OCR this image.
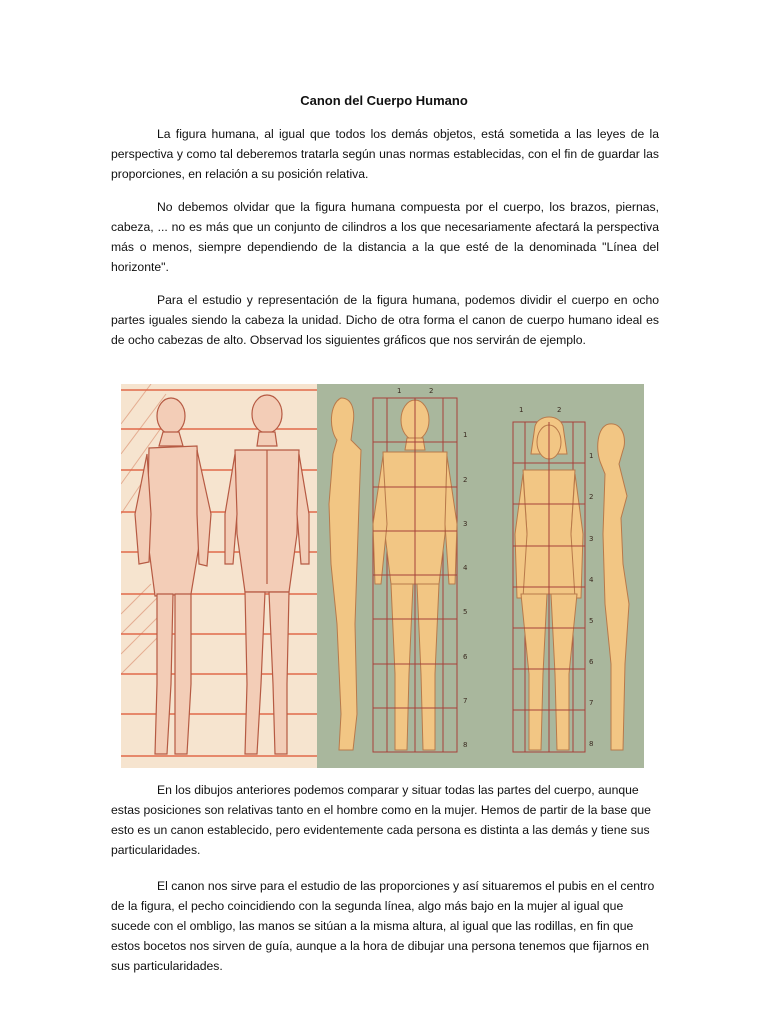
Canon del Cuerpo Humano

La figura humana, al igual que todos los demás objetos, está sometida a las leyes de la perspectiva y como tal deberemos tratarla según unas normas establecidas, con el fin de guardar las proporciones, en relación a su posición relativa.

No debemos olvidar que la figura humana compuesta por el cuerpo, los brazos, piernas, cabeza, ... no es más que un conjunto de cilindros a los que necesariamente afectará la perspectiva más o menos, siempre dependiendo de la distancia a la que esté de la denominada "Línea del horizonte".

Para el estudio y representación de la figura humana, podemos dividir el cuerpo en ocho partes iguales siendo la cabeza la unidad. Dicho de otra forma el canon de cuerpo humano ideal es de ocho cabezas de alto. Observad los siguientes gráficos que nos servirán de ejemplo.

1	2
1
2
3
4
5
6
7
8
1	2
1
2
3
4
5
6
7
8

En los dibujos anteriores podemos comparar y situar todas las partes del cuerpo, aunque estas posiciones son relativas tanto en el hombre como en la mujer. Hemos de partir de la base que esto es un canon establecido, pero evidentemente cada persona es distinta a las demás y tiene sus particularidades.

El canon nos sirve para el estudio de las proporciones y así situaremos el pubis en el centro de la figura, el pecho coincidiendo con la segunda línea, algo más bajo en la mujer al igual que sucede con el ombligo, las manos se sitúan a la misma altura, al igual que las rodillas, en fin que estos bocetos nos sirven de guía, aunque a la hora de dibujar una persona tenemos que fijarnos en sus particularidades.
